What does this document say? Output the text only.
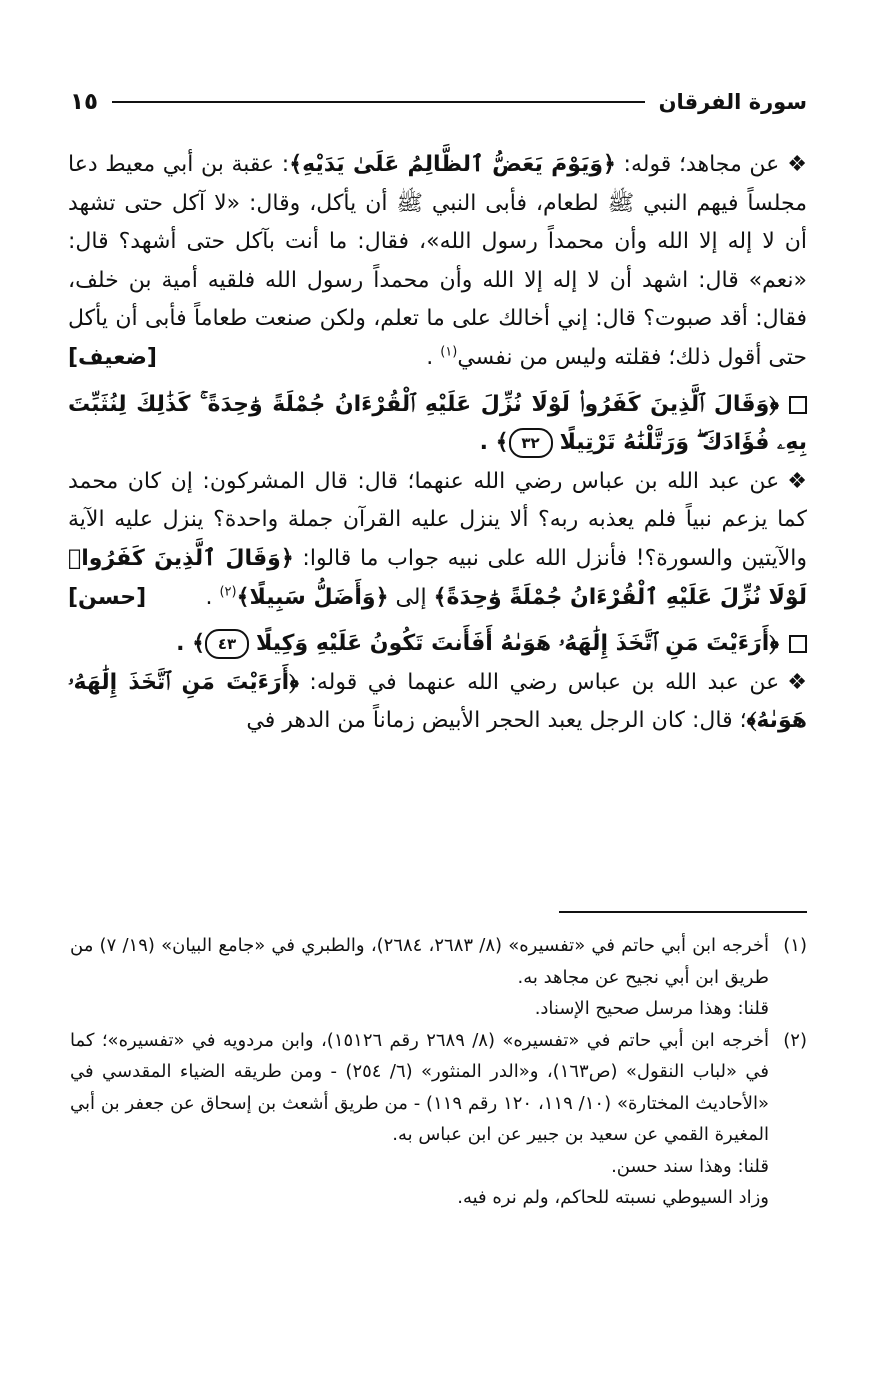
سورة الفرقان
١٥

❖عن مجاهد؛ قوله: ﴿وَيَوْمَ يَعَضُّ ٱلظَّالِمُ عَلَىٰ يَدَيْهِ﴾: عقبة بن أبي معيط دعا مجلساً فيهم النبي ﷺ لطعام، فأبى النبي ﷺ أن يأكل، وقال: «لا آكل حتى تشهد أن لا إله إلا الله وأن محمداً رسول الله»، فقال: ما أنت بآكل حتى أشهد؟ قال: «نعم» قال: اشهد أن لا إله إلا الله وأن محمداً رسول الله فلقيه أمية بن خلف، فقال: أقد صبوت؟ قال: إني أخالك على ما تعلم، ولكن صنعت طعاماً فأبى أن يأكل حتى أقول ذلك؛ فقلته وليس من نفسي$^{(١)}$ .
[ضعيف]

﴿وَقَالَ ٱلَّذِينَ كَفَرُوا۟ لَوْلَا نُزِّلَ عَلَيْهِ ٱلْقُرْءَانُ جُمْلَةً وَٰحِدَةً ۚ كَذَٰلِكَ لِنُثَبِّتَ بِهِۦ فُؤَادَكَ ۖ وَرَتَّلْنَٰهُ تَرْتِيلًا ٣٢﴾ .

❖عن عبد الله بن عباس رضي الله عنهما؛ قال: قال المشركون: إن كان محمد كما يزعم نبياً فلم يعذبه ربه؟ ألا ينزل عليه القرآن جملة واحدة؟ ينزل عليه الآية والآيتين والسورة؟! فأنزل الله على نبيه جواب ما قالوا: ﴿وَقَالَ ٱلَّذِينَ كَفَرُوا۟ لَوْلَا نُزِّلَ عَلَيْهِ ٱلْقُرْءَانُ جُمْلَةً وَٰحِدَةً﴾ إلى ﴿وَأَضَلُّ سَبِيلًا﴾$^{(٢)}$ .
[حسن]

﴿أَرَءَيْتَ مَنِ ٱتَّخَذَ إِلَٰهَهُۥ هَوَىٰهُ أَفَأَنتَ تَكُونُ عَلَيْهِ وَكِيلًا ٤٣﴾ .

❖عن عبد الله بن عباس رضي الله عنهما في قوله: ﴿أَرَءَيْتَ مَنِ ٱتَّخَذَ إِلَٰهَهُۥ هَوَىٰهُ﴾؛ قال: كان الرجل يعبد الحجر الأبيض زماناً من الدهر في

(١)

أخرجه ابن أبي حاتم في «تفسيره» (٨/ ٢٦٨٣، ٢٦٨٤)، والطبري في «جامع البيان» (١٩/ ٧) من طريق ابن أبي نجيح عن مجاهد به.

قلنا: وهذا مرسل صحيح الإسناد.

(٢)

أخرجه ابن أبي حاتم في «تفسيره» (٨/ ٢٦٨٩ رقم ١٥١٢٦)، وابن مردويه في «تفسيره»؛ كما في «لباب النقول» (ص١٦٣)، و«الدر المنثور» (٦/ ٢٥٤) - ومن طريقه الضياء المقدسي في «الأحاديث المختارة» (١٠/ ١١٩، ١٢٠ رقم ١١٩) - من طريق أشعث بن إسحاق عن جعفر بن أبي المغيرة القمي عن سعيد بن جبير عن ابن عباس به.

قلنا: وهذا سند حسن.

وزاد السيوطي نسبته للحاكم، ولم نره فيه.
